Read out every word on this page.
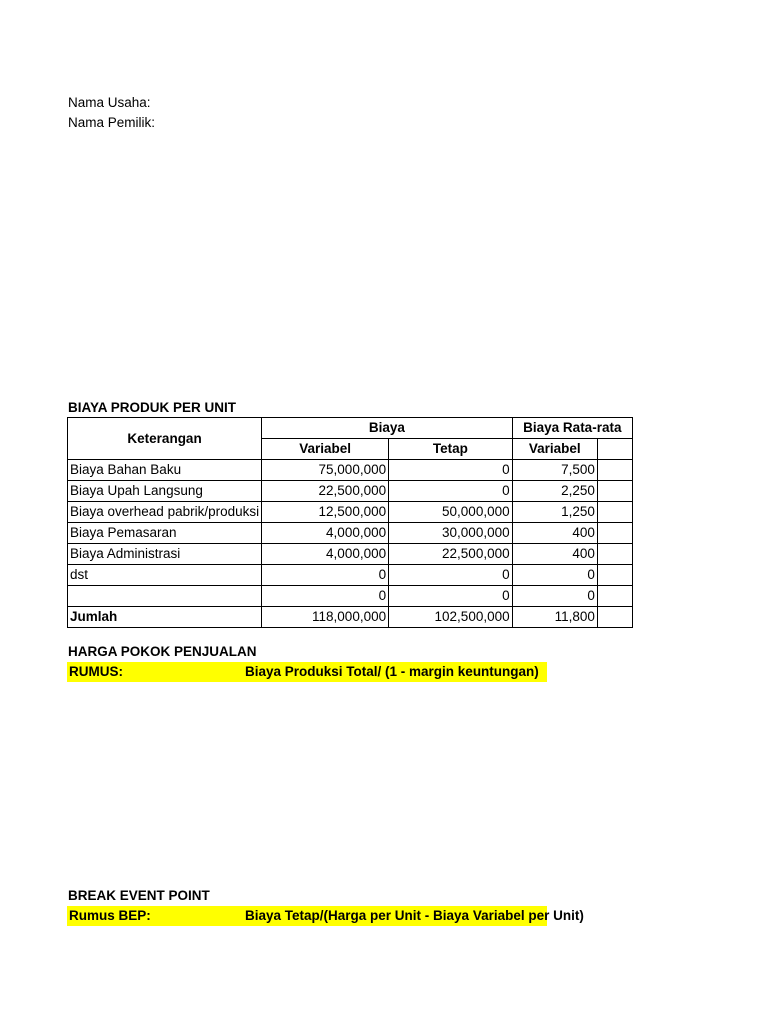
Nama Usaha:
Nama Pemilik:

BIAYA PRODUK PER UNIT
Keterangan	Biaya		Biaya Rata-rata	
	Variabel	Tetap	Variabel	
Biaya Bahan Baku	75,000,000	0	7,500	
Biaya Upah Langsung	22,500,000	0	2,250	
Biaya overhead pabrik/produksi	12,500,000	50,000,000	1,250	
Biaya Pemasaran	4,000,000	30,000,000	400	
Biaya Administrasi	4,000,000	22,500,000	400	
dst	0	0	0	
	0	0	0	
Jumlah	118,000,000	102,500,000	11,800	
HARGA POKOK PENJUALAN
RUMUS:	Biaya Produksi Total/ (1 - margin keuntungan)

BREAK EVENT POINT
Rumus BEP:	Biaya Tetap/(Harga per Unit - Biaya Variabel per Unit)
